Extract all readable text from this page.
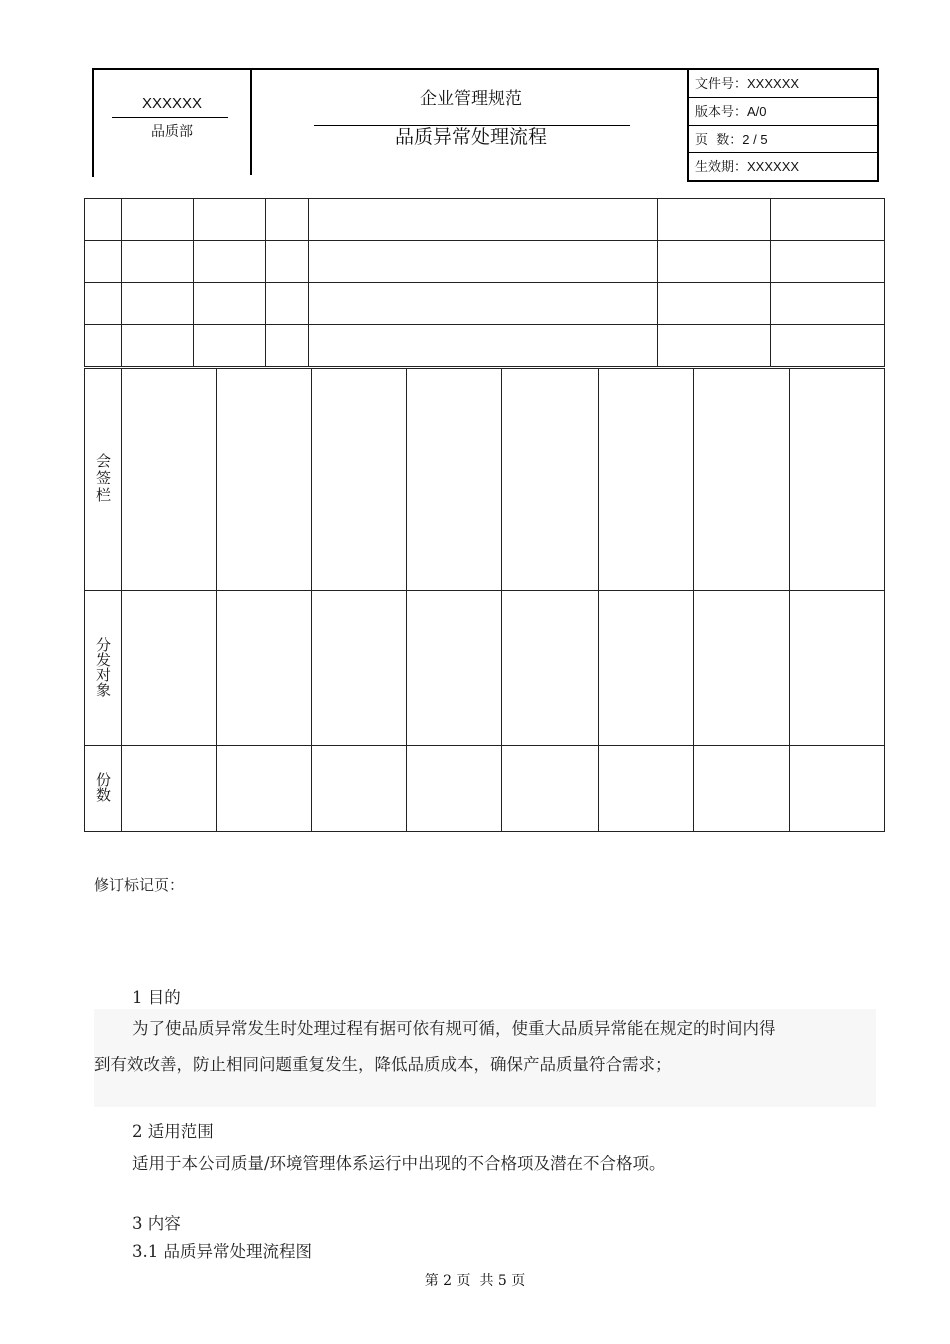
XXXXXX
品质部
企业管理规范
品质异常处理流程
文件号：XXXXXX
版本号：A/0
页  数：2 / 5
生效期：XXXXXX

会签栏								
分发对象								
份数								
修订标记页：
1 目的
为了使品质异常发生时处理过程有据可依有规可循，使重大品质异常能在规定的时间内得
到有效改善，防止相同问题重复发生，降低品质成本，确保产品质量符合需求；
2 适用范围
适用于本公司质量/环境管理体系运行中出现的不合格项及潜在不合格项。
3 内容
3.1 品质异常处理流程图
第 2 页  共 5 页
